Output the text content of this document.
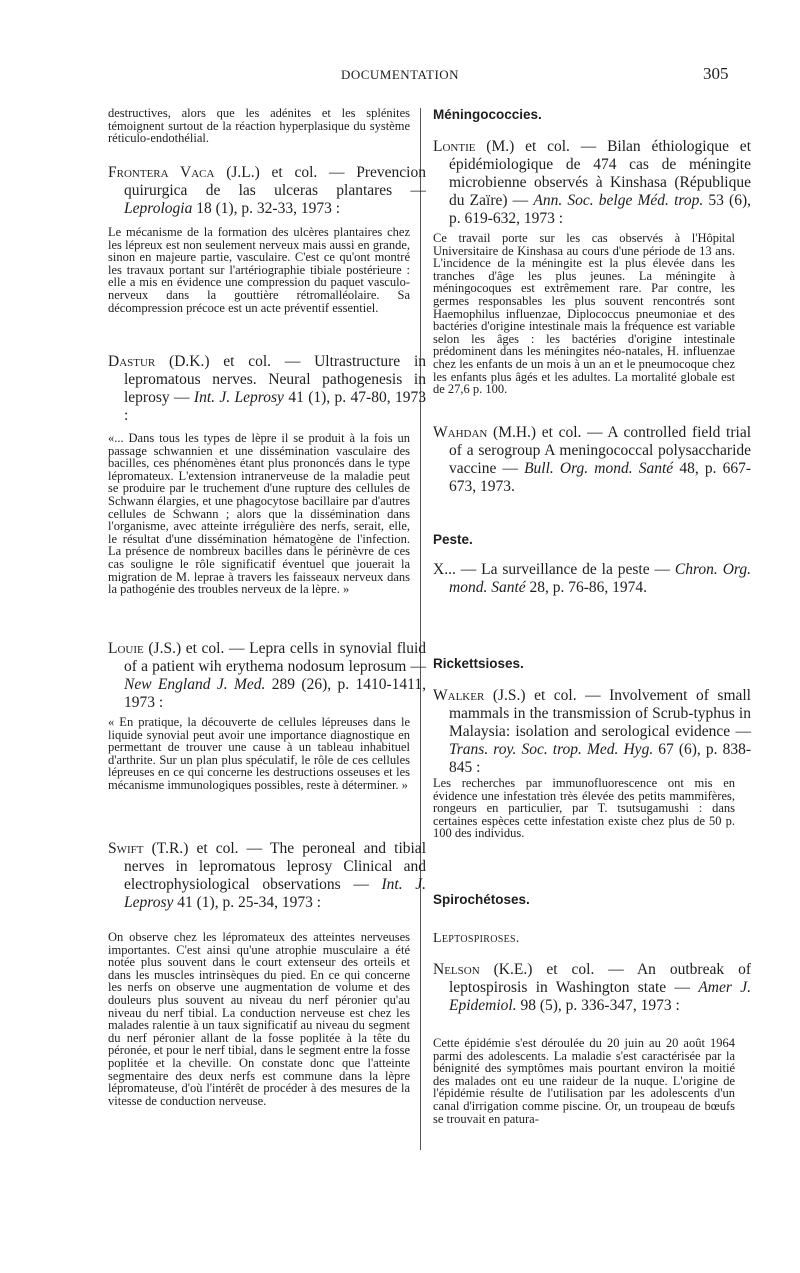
DOCUMENTATION	305

destructives, alors que les adénites et les splénites témoignent surtout de la réaction hyperplasique du système réticulo-endothélial.

Frontera Vaca (J.L.) et col. — Prevencion quirurgica de las ulceras plantares — Leprologia 18 (1), p. 32-33, 1973 :

Le mécanisme de la formation des ulcères plantaires chez les lépreux est non seulement nerveux mais aussi en grande, sinon en majeure partie, vasculaire. C'est ce qu'ont montré les travaux portant sur l'artériographie tibiale postérieure : elle a mis en évidence une compression du paquet vasculo-nerveux dans la gouttière rétromalléolaire. Sa décompression précoce est un acte préventif essentiel.

Dastur (D.K.) et col. — Ultrastructure in lepromatous nerves. Neural pathogenesis in leprosy — Int. J. Leprosy 41 (1), p. 47-80, 1973 :

«... Dans tous les types de lèpre il se produit à la fois un passage schwannien et une dissémination vasculaire des bacilles, ces phénomènes étant plus prononcés dans le type lépromateux. L'extension intranerveuse de la maladie peut se produire par le truchement d'une rupture des cellules de Schwann élargies, et une phagocytose bacillaire par d'autres cellules de Schwann ; alors que la dissémination dans l'organisme, avec atteinte irrégulière des nerfs, serait, elle, le résultat d'une dissémination hématogène de l'infection. La présence de nombreux bacilles dans le périnèvre de ces cas souligne le rôle significatif éventuel que jouerait la migration de M. leprae à travers les faisseaux nerveux dans la pathogénie des troubles nerveux de la lèpre. »

Louie (J.S.) et col. — Lepra cells in synovial fluid of a patient wih erythema nodosum leprosum — New England J. Med. 289 (26), p. 1410-1411, 1973 :

« En pratique, la découverte de cellules lépreuses dans le liquide synovial peut avoir une importance diagnostique en permettant de trouver une cause à un tableau inhabituel d'arthrite. Sur un plan plus spéculatif, le rôle de ces cellules lépreuses en ce qui concerne les destructions osseuses et les mécanisme immunologiques possibles, reste à déterminer. »

Swift (T.R.) et col. — The peroneal and tibial nerves in lepromatous leprosy Clinical and electrophysiological observations — Int. J. Leprosy 41 (1), p. 25-34, 1973 :

On observe chez les lépromateux des atteintes nerveuses importantes. C'est ainsi qu'une atrophie musculaire a été notée plus souvent dans le court extenseur des orteils et dans les muscles intrinsèques du pied. En ce qui concerne les nerfs on observe une augmentation de volume et des douleurs plus souvent au niveau du nerf péronier qu'au niveau du nerf tibial. La conduction nerveuse est chez les malades ralentie à un taux significatif au niveau du segment du nerf péronier allant de la fosse poplitée à la tête du péronée, et pour le nerf tibial, dans le segment entre la fosse poplitée et la cheville. On constate donc que l'atteinte segmentaire des deux nerfs est commune dans la lèpre lépromateuse, d'où l'intérêt de procéder à des mesures de la vitesse de conduction nerveuse.

Méningococcies.

Lontie (M.) et col. — Bilan éthiologique et épidémiologique de 474 cas de méningite microbienne observés à Kinshasa (République du Zaïre) — Ann. Soc. belge Méd. trop. 53 (6), p. 619-632, 1973 :

Ce travail porte sur les cas observés à l'Hôpital Universitaire de Kinshasa au cours d'une période de 13 ans. L'incidence de la méningite est la plus élevée dans les tranches d'âge les plus jeunes. La méningite à méningocoques est extrêmement rare. Par contre, les germes responsables les plus souvent rencontrés sont Haemophilus influenzae, Diplococcus pneumoniae et des bactéries d'origine intestinale mais la fréquence est variable selon les âges : les bactéries d'origine intestinale prédominent dans les méningites néo-natales, H. influenzae chez les enfants de un mois à un an et le pneumocoque chez les enfants plus âgés et les adultes. La mortalité globale est de 27,6 p. 100.

Wahdan (M.H.) et col. — A controlled field trial of a serogroup A meningococcal polysaccharide vaccine — Bull. Org. mond. Santé 48, p. 667-673, 1973.

Peste.

X... — La surveillance de la peste — Chron. Org. mond. Santé 28, p. 76-86, 1974.

Rickettsioses.

Walker (J.S.) et col. — Involvement of small mammals in the transmission of Scrub-typhus in Malaysia: isolation and serological evidence — Trans. roy. Soc. trop. Med. Hyg. 67 (6), p. 838-845 :

Les recherches par immunofluorescence ont mis en évidence une infestation très élevée des petits mammifères, rongeurs en particulier, par T. tsutsugamushi : dans certaines espèces cette infestation existe chez plus de 50 p. 100 des individus.

Spirochétoses.
Leptospiroses.

Nelson (K.E.) et col. — An outbreak of leptospirosis in Washington state — Amer J. Epidemiol. 98 (5), p. 336-347, 1973 :

Cette épidémie s'est déroulée du 20 juin au 20 août 1964 parmi des adolescents. La maladie s'est caractérisée par la bénignité des symptômes mais pourtant environ la moitié des malades ont eu une raideur de la nuque. L'origine de l'épidémie résulte de l'utilisation par les adolescents d'un canal d'irrigation comme piscine. Or, un troupeau de bœufs se trouvait en patura-
